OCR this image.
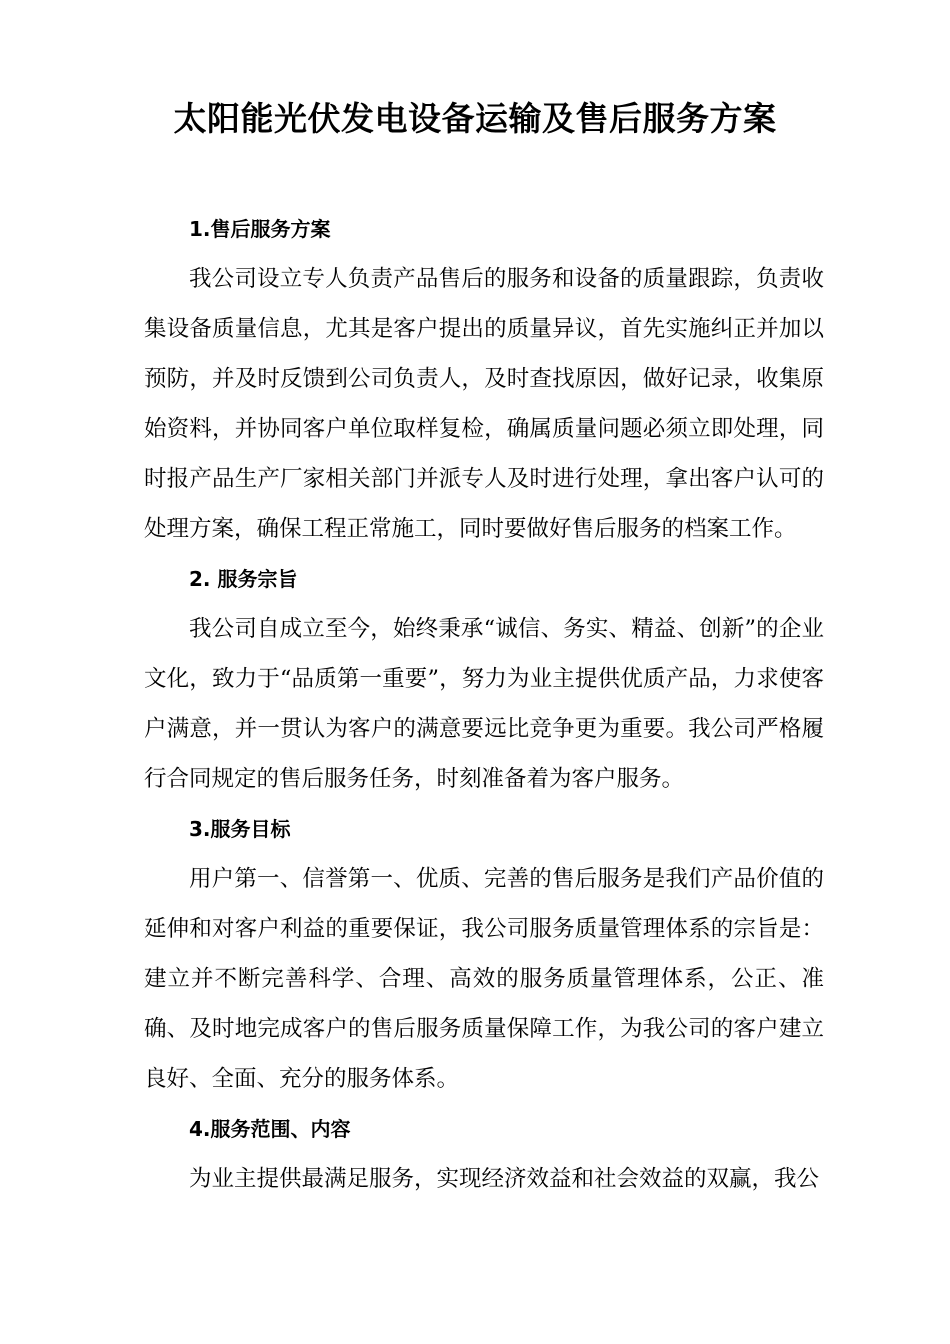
太阳能光伏发电设备运输及售后服务方案
1.售后服务方案

我公司设立专人负责产品售后的服务和设备的质量跟踪，负责收集设备质量信息，尤其是客户提出的质量异议，首先实施纠正并加以预防，并及时反馈到公司负责人，及时查找原因，做好记录，收集原始资料，并协同客户单位取样复检，确属质量问题必须立即处理，同时报产品生产厂家相关部门并派专人及时进行处理，拿出客户认可的处理方案，确保工程正常施工，同时要做好售后服务的档案工作。

2. 服务宗旨

我公司自成立至今，始终秉承“诚信、务实、精益、创新”的企业文化，致力于“品质第一重要”，努力为业主提供优质产品，力求使客户满意，并一贯认为客户的满意要远比竞争更为重要。我公司严格履行合同规定的售后服务任务，时刻准备着为客户服务。

3.服务目标

用户第一、信誉第一、优质、完善的售后服务是我们产品价值的延伸和对客户利益的重要保证，我公司服务质量管理体系的宗旨是：建立并不断完善科学、合理、高效的服务质量管理体系，公正、准确、及时地完成客户的售后服务质量保障工作，为我公司的客户建立良好、全面、充分的服务体系。

4.服务范围、内容

为业主提供最满足服务，实现经济效益和社会效益的双赢，我公
